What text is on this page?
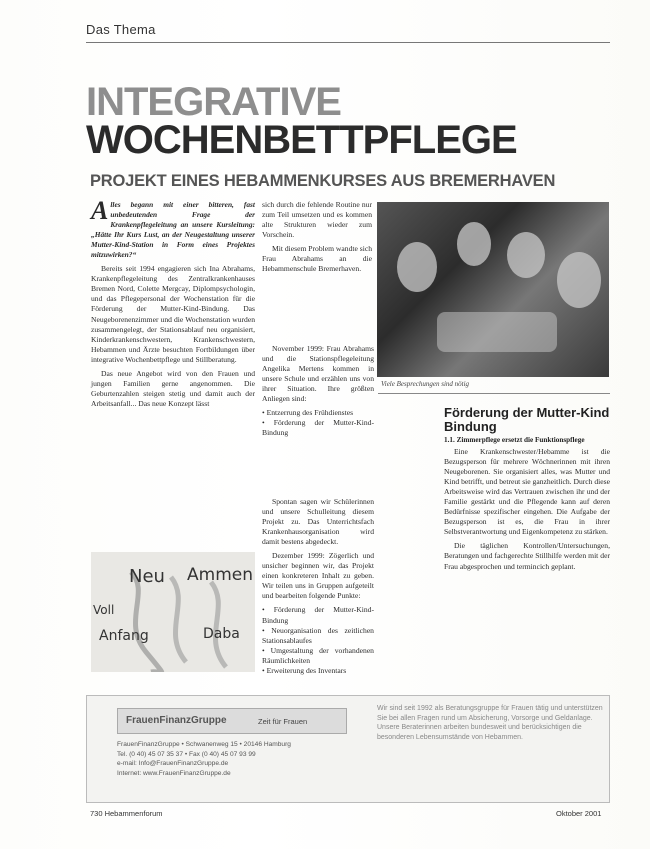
Das Thema
INTEGRATIVE
WOCHENBETTPFLEGE
PROJEKT EINES HEBAMMENKURSES AUS BREMERHAVEN

Alles begann mit einer bitteren, fast unbedeutenden Frage der Krankenpflegeleitung an unsere Kursleitung: „Hätte Ihr Kurs Lust, an der Neugestaltung unserer Mutter-Kind-Station in Form eines Projektes mitzuwirken?“

Bereits seit 1994 engagieren sich Ina Abrahams, Krankenpflegeleitung des Zentralkrankenhauses Bremen Nord, Colette Mergcay, Diplompsychologin, und das Pflegepersonal der Wochenstation für die Förderung der Mutter-Kind-Bindung. Das Neugeborenenzimmer und die Wochenstation wurden zusammengelegt, der Stationsablauf neu organisiert, Kinderkrankenschwestern, Krankenschwestern, Hebammen und Ärzte besuchten Fortbildungen über integrative Wochenbettpflege und Stillberatung.

Das neue Angebot wird von den Frauen und jungen Familien gerne angenommen. Die Geburtenzahlen steigen stetig und damit auch der Arbeitsanfall... Das neue Konzept lässt

sich durch die fehlende Routine nur zum Teil umsetzen und es kommen alte Strukturen wieder zum Vorschein.

Mit diesem Problem wandte sich Frau Abrahams an die Hebammenschule Bremerhaven.

November 1999: Frau Abrahams und die Stationspflegeleitung Angelika Mertens kommen in unsere Schule und erzählen uns von ihrer Situation. Ihre größten Anliegen sind:

• Entzerrung des Frühdienstes
• Förderung der Mutter-Kind-Bindung

Spontan sagen wir Schülerinnen und unsere Schulleitung diesem Projekt zu. Das Unterrichtsfach Krankenhausorganisation wird damit bestens abgedeckt.

Dezember 1999: Zögerlich und unsicher beginnen wir, das Projekt einen konkreteren Inhalt zu geben. Wir teilen uns in Gruppen aufgeteilt und bearbeiten folgende Punkte:

• Förderung der Mutter-Kind-Bindung
• Neuorganisation des zeitlichen Stationsablaufes
• Umgestaltung der vorhandenen Räumlichkeiten
• Erweiterung des Inventars
Viele Besprechungen sind nötig
Förderung der Mutter-Kind Bindung
1.1. Zimmerpflege ersetzt die Funktionspflege

Eine Krankenschwester/Hebamme ist die Bezugsperson für mehrere Wöchnerinnen mit ihren Neugeborenen. Sie organisiert alles, was Mutter und Kind betrifft, und betreut sie ganzheitlich. Durch diese Arbeitsweise wird das Vertrauen zwischen ihr und der Familie gestärkt und die Pflegende kann auf deren Bedürfnisse spezifischer eingehen. Die Aufgabe der Bezugsperson ist es, die Frau in ihrer Selbstverantwortung und Eigenkompetenz zu stärken.

Die täglichen Kontrollen/Untersuchungen, Beratungen und fachgerechte Stillhilfe werden mit der Frau abgesprochen und termincich geplant.

Neu Ammen
Voll
Anfang	Daba
FrauenFinanzGruppe	Zeit für Frauen
FrauenFinanzGruppe • Schwanenweg 15 • 20146 Hamburg
Tel. (0 40) 45 07 35 37 • Fax (0 40) 45 07 93 99
e-mail: Info@FrauenFinanzGruppe.de
Internet: www.FrauenFinanzGruppe.de
Wir sind seit 1992 als Beratungsgruppe für Frauen tätig und unterstützen Sie bei allen Fragen rund um Absicherung, Vorsorge und Geldanlage. Unsere Beraterinnen arbeiten bundesweit und berücksichtigen die besonderen Lebensumstände von Hebammen.
730 Hebammenforum	Oktober 2001
